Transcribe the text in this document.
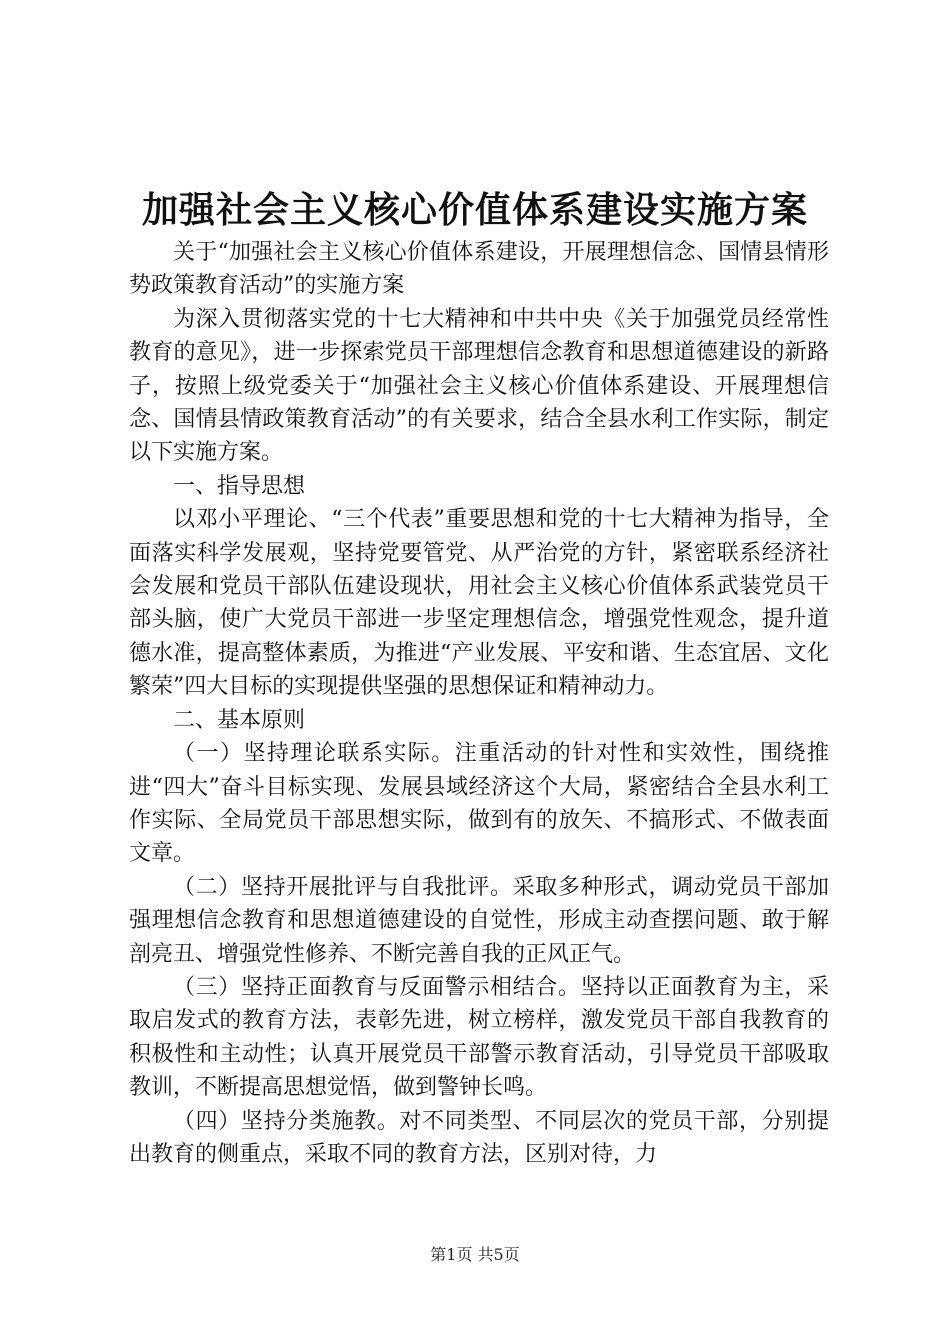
加强社会主义核心价值体系建设实施方案

关于“加强社会主义核心价值体系建设，开展理想信念、国情县情形势政策教育活动”的实施方案

为深入贯彻落实党的十七大精神和中共中央《关于加强党员经常性教育的意见》，进一步探索党员干部理想信念教育和思想道德建设的新路子，按照上级党委关于“加强社会主义核心价值体系建设、开展理想信念、国情县情政策教育活动”的有关要求，结合全县水利工作实际，制定以下实施方案。

一、指导思想

以邓小平理论、“三个代表”重要思想和党的十七大精神为指导，全面落实科学发展观，坚持党要管党、从严治党的方针，紧密联系经济社会发展和党员干部队伍建设现状，用社会主义核心价值体系武装党员干部头脑，使广大党员干部进一步坚定理想信念，增强党性观念，提升道德水准，提高整体素质，为推进“产业发展、平安和谐、生态宜居、文化繁荣”四大目标的实现提供坚强的思想保证和精神动力。

二、基本原则

（一）坚持理论联系实际。注重活动的针对性和实效性，围绕推进“四大”奋斗目标实现、发展县域经济这个大局，紧密结合全县水利工作实际、全局党员干部思想实际，做到有的放矢、不搞形式、不做表面文章。

（二）坚持开展批评与自我批评。采取多种形式，调动党员干部加强理想信念教育和思想道德建设的自觉性，形成主动查摆问题、敢于解剖亮丑、增强党性修养、不断完善自我的正风正气。

（三）坚持正面教育与反面警示相结合。坚持以正面教育为主，采取启发式的教育方法，表彰先进，树立榜样，激发党员干部自我教育的积极性和主动性；认真开展党员干部警示教育活动，引导党员干部吸取教训，不断提高思想觉悟，做到警钟长鸣。

（四）坚持分类施教。对不同类型、不同层次的党员干部，分别提出教育的侧重点，采取不同的教育方法，区别对待，力

第1页 共5页
